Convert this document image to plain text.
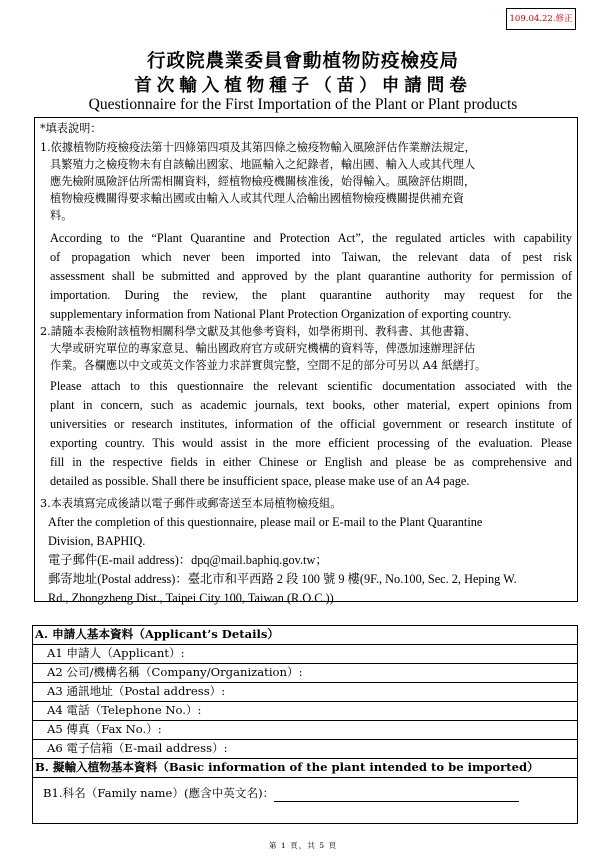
109.04.22.修正
行政院農業委員會動植物防疫檢疫局
首次輸入植物種子（苗）申請問卷
Questionnaire for the First Importation of the Plant or Plant products
*填表說明：
1.依據植物防疫檢疫法第十四條第四項及其第四條之檢疫物輸入風險評估作業辦法規定，
具繁殖力之檢疫物未有自該輸出國家、地區輸入之紀錄者，輸出國、輸入人或其代理人
應先檢附風險評估所需相關資料，經植物檢疫機關核准後，始得輸入。風險評估期間，
植物檢疫機關得要求輸出國或由輸入人或其代理人洽輸出國植物檢疫機關提供補充資
料。
According to the “Plant Quarantine and Protection Act”, the regulated articles with capability
of propagation which never been imported into Taiwan, the relevant data of pest risk
assessment shall be submitted and approved by the plant quarantine authority for permission of
importation. During the review, the plant quarantine authority may request for the
supplementary information from National Plant Protection Organization of exporting country.
2.請隨本表檢附該植物相關科學文獻及其他參考資料，如學術期刊、教科書、其他書籍、
大學或研究單位的專家意見、輸出國政府官方或研究機構的資料等，俾憑加速辦理評估
作業。各欄應以中文或英文作答並力求詳實與完整，空間不足的部分可另以 A4 紙繕打。
Please attach to this questionnaire the relevant scientific documentation associated with the
plant in concern, such as academic journals, text books, other material, expert opinions from
universities or research institutes, information of the official government or research institute of
exporting country. This would assist in the more efficient processing of the evaluation. Please
fill in the respective fields in either Chinese or English and please be as comprehensive and
detailed as possible. Shall there be insufficient space, please make use of an A4 page.
3.本表填寫完成後請以電子郵件或郵寄送至本局植物檢疫組。
After the completion of this questionnaire, please mail or E-mail to the Plant Quarantine
Division, BAPHIQ.
電子郵件(E-mail address)：dpq@mail.baphiq.gov.tw；
郵寄地址(Postal address)：臺北市和平西路 2 段 100 號 9 樓(9F., No.100, Sec. 2, Heping W.
Rd., Zhongzheng Dist., Taipei City 100, Taiwan (R.O.C.))
A. 申請人基本資料（Applicant’s Details）
A1 申請人（Applicant）:
A2 公司/機構名稱（Company/Organization）:
A3 通訊地址（Postal address）:
A4 電話（Telephone No.）:
A5 傳真（Fax No.）:
A6 電子信箱（E-mail address）:
B. 擬輸入植物基本資料（Basic information of the plant intended to be imported）
B1.科名（Family name）(應含中英文名)：
第 1 頁，共 5 頁
